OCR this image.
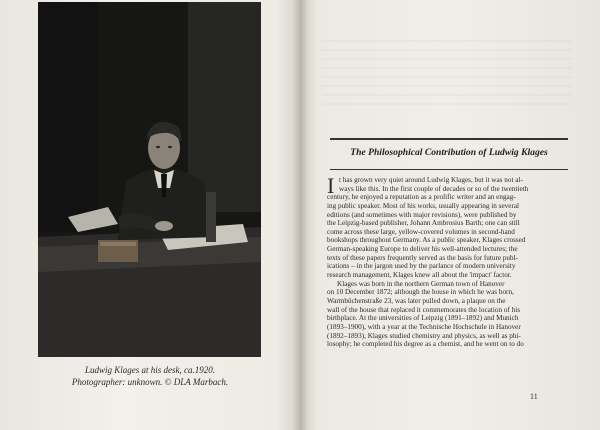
Ludwig Klages at his desk, ca.1920.
Photographer: unknown. © DLA Marbach.
The Philosophical Contribution of Ludwig Klages
I t has grown very quiet around Ludwig Klages, but it was not al-
ways like this. In the first couple of decades or so of the twentieth
century, he enjoyed a reputation as a prolific writer and an engag-
ing public speaker. Most of his works, usually appearing in several
editions (and sometimes with major revisions), were published by
the Leipzig-based publisher, Johann Ambrosius Barth; one can still
come across these large, yellow-covered volumes in second-hand
bookshops throughout Germany. As a public speaker, Klages crossed
German-speaking Europe to deliver his well-attended lectures; the
texts of these papers frequently served as the basis for future publ-
ications – in the jargon used by the parlance of modern university
research management, Klages knew all about the 'impact' factor.
Klages was born in the northern German town of Hanover
on 10 December 1872; although the house in which he was born,
Warmbüchenstraße 23, was later pulled down, a plaque on the
wall of the house that replaced it commemorates the location of his
birthplace. At the universities of Leipzig (1891–1892) and Munich
(1893–1900), with a year at the Technische Hochschule in Hanover
(1892–1893), Klages studied chemistry and physics, as well as phi-
losophy; he completed his degree as a chemist, and he went on to do
11
